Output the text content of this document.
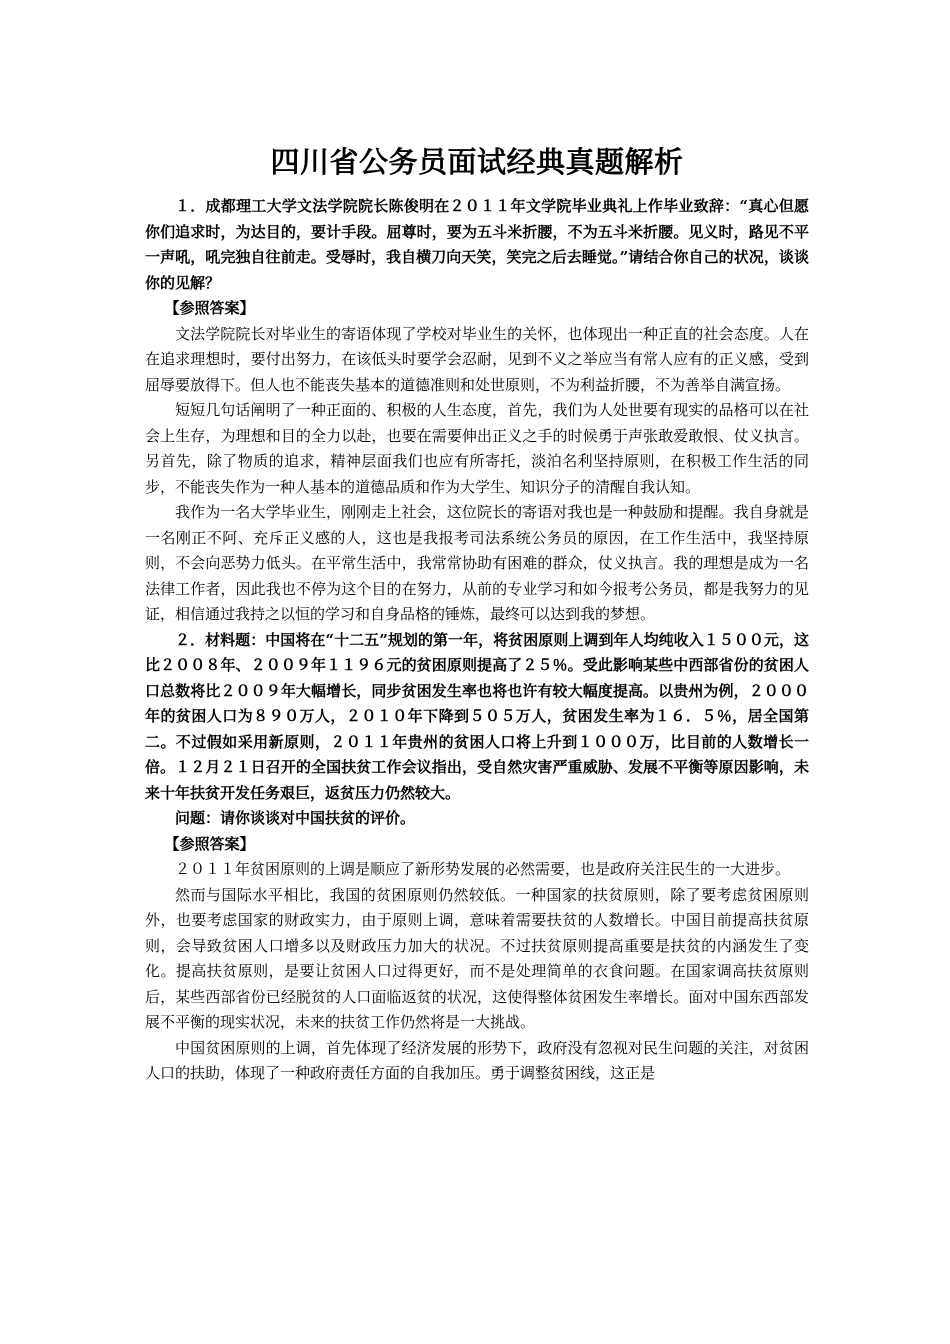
四川省公务员面试经典真题解析

１．成都理工大学文法学院院长陈俊明在２０１１年文学院毕业典礼上作毕业致辞：“真心但愿你们追求时，为达目的，要计手段。屈尊时，要为五斗米折腰，不为五斗米折腰。见义时，路见不平一声吼，吼完独自往前走。受辱时，我自横刀向天笑，笑完之后去睡觉。”请结合你自己的状况，谈谈你的见解？

【参照答案】

文法学院院长对毕业生的寄语体现了学校对毕业生的关怀，也体现出一种正直的社会态度。人在在追求理想时，要付出努力，在该低头时要学会忍耐，见到不义之举应当有常人应有的正义感，受到屈辱要放得下。但人也不能丧失基本的道德准则和处世原则，不为利益折腰，不为善举自满宣扬。

短短几句话阐明了一种正面的、积极的人生态度，首先，我们为人处世要有现实的品格可以在社会上生存，为理想和目的全力以赴，也要在需要伸出正义之手的时候勇于声张敢爱敢恨、仗义执言。另首先，除了物质的追求，精神层面我们也应有所寄托，淡泊名利坚持原则，在积极工作生活的同步，不能丧失作为一种人基本的道德品质和作为大学生、知识分子的清醒自我认知。

我作为一名大学毕业生，刚刚走上社会，这位院长的寄语对我也是一种鼓励和提醒。我自身就是一名刚正不阿、充斥正义感的人，这也是我报考司法系统公务员的原因，在工作生活中，我坚持原则，不会向恶势力低头。在平常生活中，我常常协助有困难的群众，仗义执言。我的理想是成为一名法律工作者，因此我也不停为这个目的在努力，从前的专业学习和如今报考公务员，都是我努力的见证，相信通过我持之以恒的学习和自身品格的锤炼，最终可以达到我的梦想。

２．材料题：中国将在“十二五”规划的第一年，将贫困原则上调到年人均纯收入１５００元，这比２００８年、２００９年１１９６元的贫困原则提高了２５％。受此影响某些中西部省份的贫困人口总数将比２００９年大幅增长，同步贫困发生率也将也许有较大幅度提高。以贵州为例，２０００年的贫困人口为８９０万人，２０１０年下降到５０５万人，贫困发生率为１６．５％，居全国第二。不过假如采用新原则，２０１１年贵州的贫困人口将上升到１０００万，比目前的人数增长一倍。１２月２１日召开的全国扶贫工作会议指出，受自然灾害严重威胁、发展不平衡等原因影响，未来十年扶贫开发任务艰巨，返贫压力仍然较大。

问题：请你谈谈对中国扶贫的评价。

【参照答案】

２０１１年贫困原则的上调是顺应了新形势发展的必然需要，也是政府关注民生的一大进步。

然而与国际水平相比，我国的贫困原则仍然较低。一种国家的扶贫原则，除了要考虑贫困原则外，也要考虑国家的财政实力，由于原则上调，意味着需要扶贫的人数增长。中国目前提高扶贫原则，会导致贫困人口增多以及财政压力加大的状况。不过扶贫原则提高重要是扶贫的内涵发生了变化。提高扶贫原则，是要让贫困人口过得更好，而不是处理简单的衣食问题。在国家调高扶贫原则后，某些西部省份已经脱贫的人口面临返贫的状况，这使得整体贫困发生率增长。面对中国东西部发展不平衡的现实状况，未来的扶贫工作仍然将是一大挑战。

中国贫困原则的上调，首先体现了经济发展的形势下，政府没有忽视对民生问题的关注，对贫困人口的扶助，体现了一种政府责任方面的自我加压。勇于调整贫困线，这正是
